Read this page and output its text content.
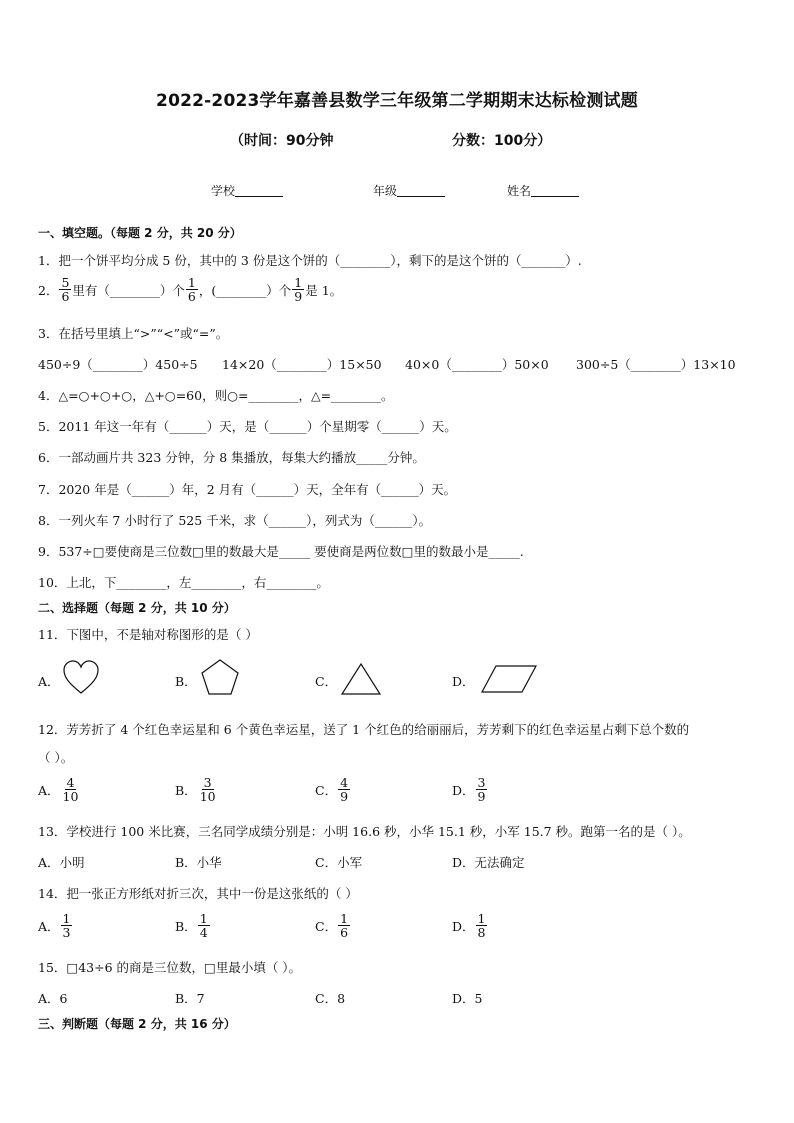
2022-2023学年嘉善县数学三年级第二学期期末达标检测试题
（时间：90分钟	分数：100分）
学校	年级	姓名
一、填空题。（每题 2 分，共 20 分）
1．把一个饼平均分成 5 份，其中的 3 份是这个饼的（________），剩下的是这个饼的（_______）.
2． $\frac{5}{6}$ 里有（________）个 $\frac{1}{6}$ ，(________）个 $\frac{1}{9}$ 是 1。
3．在括号里填上“>”“<”或“=”。
450÷9（________）450÷5 14×20（________）15×50 40×0（________）50×0 300÷5（________）13×10
4．△=○+○+○，△+○=60，则○=________，△=________。
5．2011 年这一年有（______）天，是（______）个星期零（______）天。
6．一部动画片共 323 分钟，分 8 集播放，每集大约播放_____分钟。
7．2020 年是（______）年，2 月有（______）天，全年有（______）天。
8．一列火车 7 小时行了 525 千米，求（______），列式为（______）。
9．537÷□要使商是三位数□里的数最大是_____ 要使商是两位数□里的数最小是_____.
10．上北，下________，左________，右________。
二、选择题（每题 2 分，共 10 分）
11．下图中，不是轴对称图形的是（ ）
A．	B．	C．	D．
12．芳芳折了 4 个红色幸运星和 6 个黄色幸运星，送了 1 个红色的给丽丽后，芳芳剩下的红色幸运星占剩下总个数的
（ ）。
A． $\frac{4}{10}$	B． $\frac{3}{10}$	C． $\frac{4}{9}$	D． $\frac{3}{9}$
13．学校进行 100 米比赛，三名同学成绩分别是：小明 16.6 秒，小华 15.1 秒，小军 15.7 秒。跑第一名的是（ ）。
A．小明	B．小华	C．小军	D．无法确定
14．把一张正方形纸对折三次，其中一份是这张纸的（ ）
A． $\frac{1}{3}$	B． $\frac{1}{4}$	C． $\frac{1}{6}$	D． $\frac{1}{8}$
15．□43÷6 的商是三位数，□里最小填（ ）。
A．6	B．7	C．8	D．5
三、判断题（每题 2 分，共 16 分）
